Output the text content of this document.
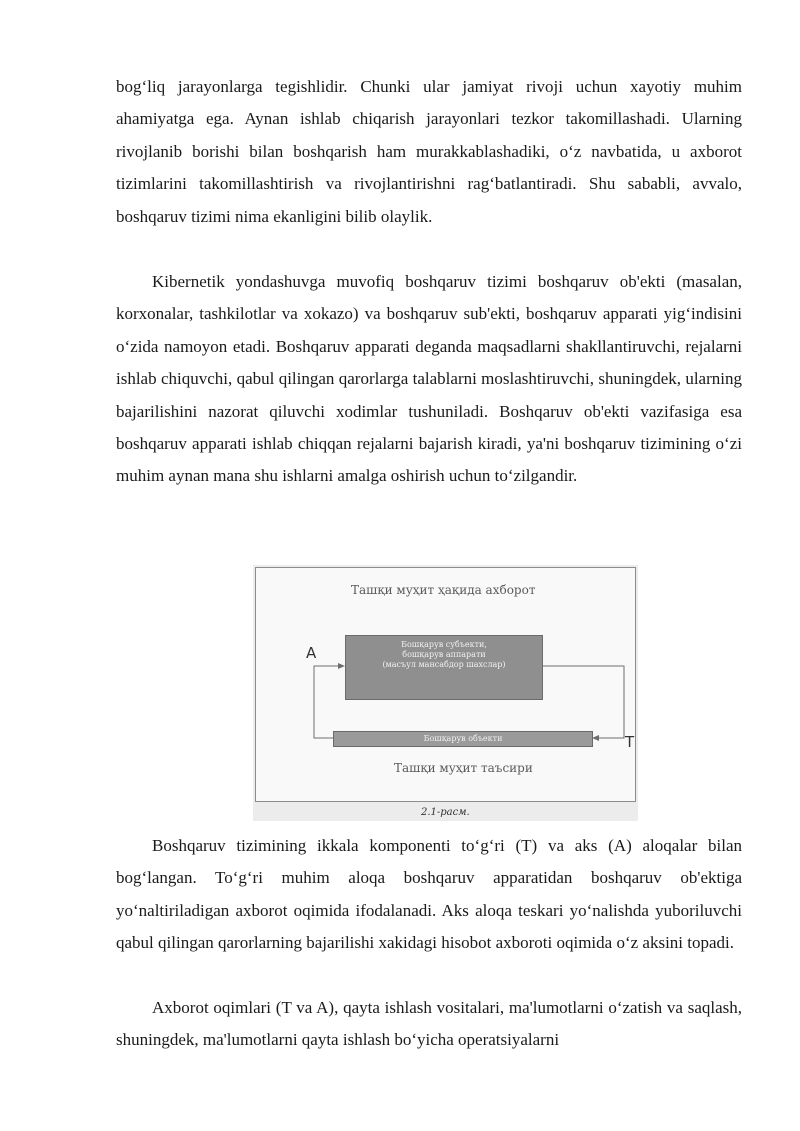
bog‘liq jarayonlarga tegishlidir. Chunki ular jamiyat rivoji uchun xayotiy muhim ahamiyatga ega. Aynan ishlab chiqarish jarayonlari tezkor takomillashadi. Ularning rivojlanib borishi bilan boshqarish ham murakkablashadiki, o‘z navbatida, u axborot tizimlarini takomillashtirish va rivojlantirishni rag‘batlantiradi. Shu sababli, avvalo, boshqaruv tizimi nima ekanligini bilib olaylik.

Kibernetik yondashuvga muvofiq boshqaruv tizimi boshqaruv ob'ekti (masalan, korxonalar, tashkilotlar va xokazo) va boshqaruv sub'ekti, boshqaruv apparati yig‘indisini o‘zida namoyon etadi. Boshqaruv apparati deganda maqsadlarni shakllantiruvchi, rejalarni ishlab chiquvchi, qabul qilingan qarorlarga talablarni moslashtiruvchi, shuningdek, ularning bajarilishini nazorat qiluvchi xodimlar tushuniladi. Boshqaruv ob'ekti vazifasiga esa boshqaruv apparati ishlab chiqqan rejalarni bajarish kiradi, ya'ni boshqaruv tizimining o‘zi muhim aynan mana shu ishlarni amalga oshirish uchun to‘zilgandir.

Ташқи муҳит ҳақида ахборот
Бошқарув субъекти,
бошқарув аппарати
(масъул мансабдор шахслар)
А
Бошқарув объекти	Т
Ташқи муҳит таъсири
2.1-расм.

Boshqaruv tizimining ikkala komponenti to‘g‘ri (T) va aks (A) aloqalar bilan bog‘langan. To‘g‘ri muhim aloqa boshqaruv apparatidan boshqaruv ob'ektiga yo‘naltiriladigan axborot oqimida ifodalanadi. Aks aloqa teskari yo‘nalishda yuboriluvchi qabul qilingan qarorlarning bajarilishi xakidagi hisobot axboroti oqimida o‘z aksini topadi.

Axborot oqimlari (T va A), qayta ishlash vositalari, ma'lumotlarni o‘zatish va saqlash, shuningdek, ma'lumotlarni qayta ishlash bo‘yicha operatsiyalarni
